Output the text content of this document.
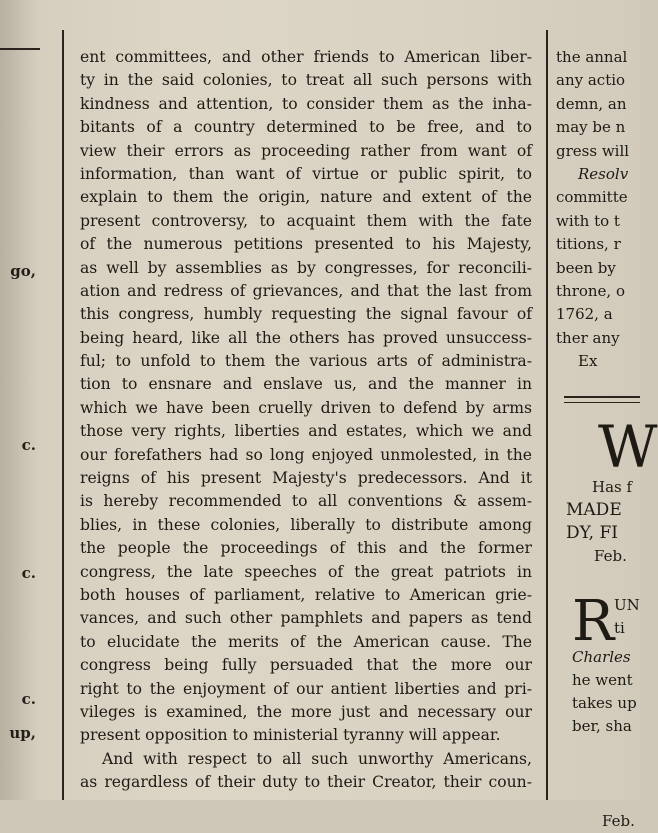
go,
c.
c.
c.
up,
ent committees, and other friends to American liber-
ty in the said colonies, to treat all such persons with
kindness and attention, to consider them as the inha-
bitants of a country determined to be free, and to
view their errors as proceeding rather from want of
information, than want of virtue or public spirit, to
explain to them the origin, nature and extent of the
present controversy, to acquaint them with the fate
of the numerous petitions presented to his Majesty,
as well by assemblies as by congresses, for reconcili-
ation and redress of grievances, and that the last from
this congress, humbly requesting the signal favour of
being heard, like all the others has proved unsuccess-
ful; to unfold to them the various arts of administra-
tion to ensnare and enslave us, and the manner in
which we have been cruelly driven to defend by arms
those very rights, liberties and estates, which we and
our forefathers had so long enjoyed unmolested, in the
reigns of his present Majesty's predecessors. And it
is hereby recommended to all conventions & assem-
blies, in these colonies, liberally to distribute among
the people the proceedings of this and the former
congress, the late speeches of the great patriots in
both houses of parliament, relative to American grie-
vances, and such other pamphlets and papers as tend
to elucidate the merits of the American cause. The
congress being fully persuaded that the more our
right to the enjoyment of our antient liberties and pri-
vileges is examined, the more just and necessary our
present opposition to ministerial tyranny will appear.
And with respect to all such unworthy Americans,
as regardless of their duty to their Creator, their coun-
the annal
any actio
demn, an
may be n
gress will
Resolv
committe
with to t
titions, r
been by
throne, o
1762, a
ther any
Ex
W
Has f
MADE
DY, FI
Feb.
R UN
ti
Charles
he went
takes up
ber, sha
Feb.
